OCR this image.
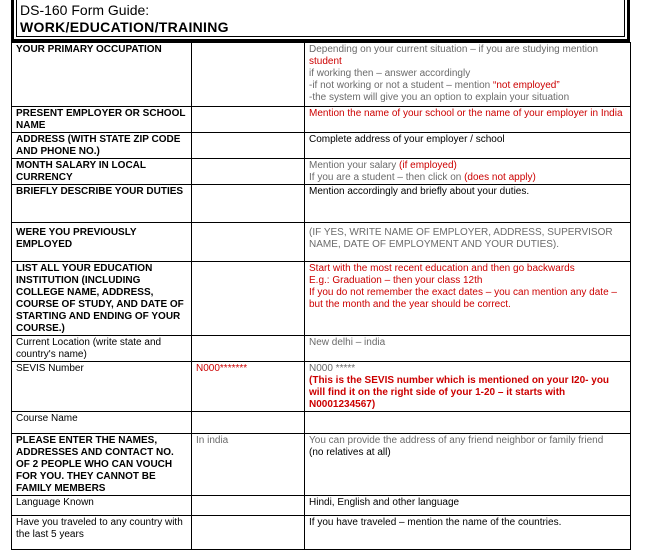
DS-160 Form Guide:
WORK/EDUCATION/TRAINING
YOUR PRIMARY OCCUPATION		Depending on your current situation – if you are studying mention
student
if working then – answer accordingly
-if not working or not a student – mention “not employed”
-the system will give you an option to explain your situation

PRESENT EMPLOYER OR SCHOOL NAME		Mention the name of your school or the name of your employer in India
ADDRESS (WITH STATE ZIP CODE AND PHONE NO.)		Complete address of your employer / school
MONTH SALARY IN LOCAL CURRENCY		Mention your salary (if employed)
If you are a student – then click on (does not apply)

BRIEFLY DESCRIBE YOUR DUTIES		Mention accordingly and briefly about your duties.
WERE YOU PREVIOUSLY EMPLOYED		(IF YES, WRITE NAME OF EMPLOYER, ADDRESS, SUPERVISOR NAME, DATE OF EMPLOYMENT AND YOUR DUTIES).
LIST ALL YOUR EDUCATION INSTITUTION (INCLUDING COLLEGE NAME, ADDRESS, COURSE OF STUDY, AND DATE OF STARTING AND ENDING OF YOUR COURSE.)		Start with the most recent education and then go backwards
E.g.: Graduation – then your class 12th
If you do not remember the exact dates – you can mention any date – but the month and the year should be correct.

Current Location (write state and country's name)		New delhi – india
SEVIS Number	N000*******	N000 *****
(This is the SEVIS number which is mentioned on your I20- you will find it on the right side of your 1-20 – it starts with N0001234567)

Course Name		
PLEASE ENTER THE NAMES, ADDRESSES AND CONTACT NO. OF 2 PEOPLE WHO CAN VOUCH FOR YOU. THEY CANNOT BE FAMILY MEMBERS	In india	You can provide the address of any friend neighbor or family friend
(no relatives at all)

Language Known		Hindi, English and other language
Have you traveled to any country with the last 5 years		If you have traveled – mention the name of the countries.
